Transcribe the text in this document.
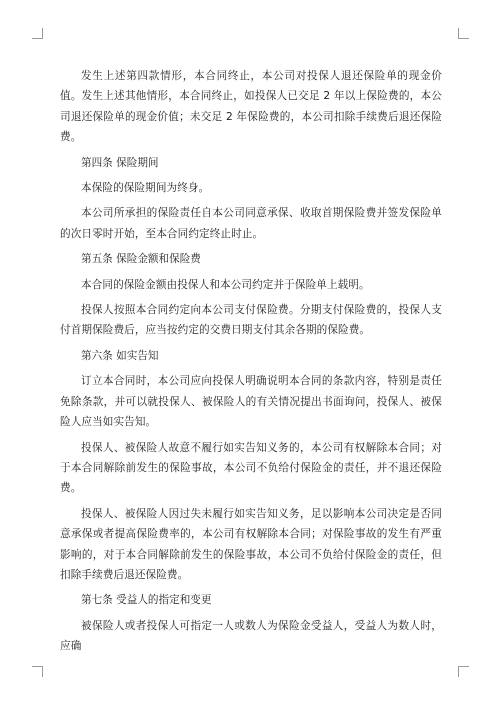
发生上述第四款情形，本合同终止，本公司对投保人退还保险单的现金价值。发生上述其他情形，本合同终止，如投保人已交足 2 年以上保险费的，本公司退还保险单的现金价值；未交足 2 年保险费的，本公司扣除手续费后退还保险费。
第四条 保险期间
本保险的保险期间为终身。
本公司所承担的保险责任自本公司同意承保、收取首期保险费并签发保险单的次日零时开始，至本合同约定终止时止。
第五条 保险金额和保险费
本合同的保险金额由投保人和本公司约定并于保险单上载明。
投保人按照本合同约定向本公司支付保险费。分期支付保险费的，投保人支付首期保险费后，应当按约定的交费日期支付其余各期的保险费。
第六条 如实告知
订立本合同时，本公司应向投保人明确说明本合同的条款内容，特别是责任免除条款，并可以就投保人、被保险人的有关情况提出书面询问，投保人、被保险人应当如实告知。
投保人、被保险人故意不履行如实告知义务的，本公司有权解除本合同；对于本合同解除前发生的保险事故，本公司不负给付保险金的责任，并不退还保险费。
投保人、被保险人因过失未履行如实告知义务，足以影响本公司决定是否同意承保或者提高保险费率的，本公司有权解除本合同；对保险事故的发生有严重影响的，对于本合同解除前发生的保险事故，本公司不负给付保险金的责任，但扣除手续费后退还保险费。
第七条 受益人的指定和变更
被保险人或者投保人可指定一人或数人为保险金受益人，受益人为数人时，应确
